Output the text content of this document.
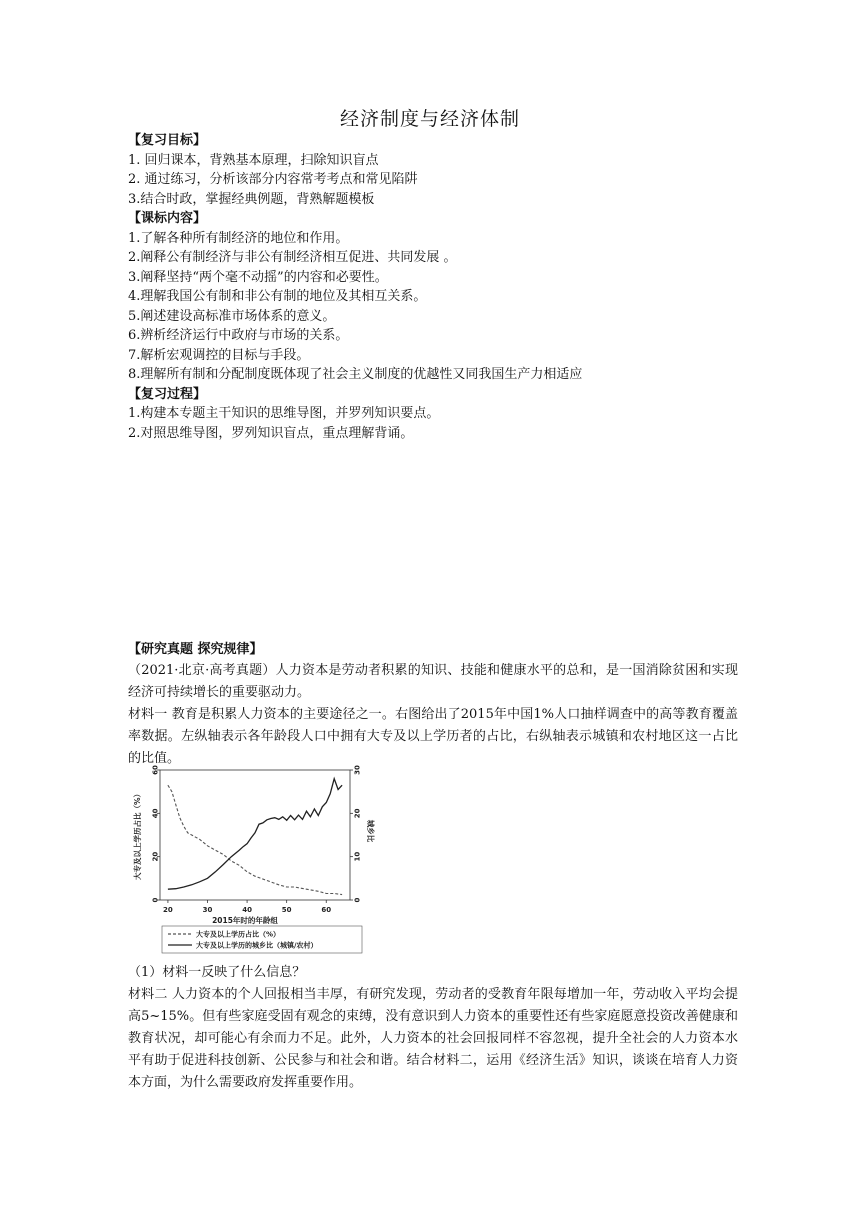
经济制度与经济体制
【复习目标】
1. 回归课本，背熟基本原理，扫除知识盲点
2. 通过练习，分析该部分内容常考考点和常见陷阱
3.结合时政，掌握经典例题，背熟解题模板
【课标内容】
1.了解各种所有制经济的地位和作用。
2.阐释公有制经济与非公有制经济相互促进、共同发展 。
3.阐释坚持“两个毫不动摇”的内容和必要性。
4.理解我国公有制和非公有制的地位及其相互关系。
5.阐述建设高标准市场体系的意义。
6.辨析经济运行中政府与市场的关系。
7.解析宏观调控的目标与手段。
8.理解所有制和分配制度既体现了社会主义制度的优越性又同我国生产力相适应
【复习过程】
1.构建本专题主干知识的思维导图，并罗列知识要点。
2.对照思维导图，罗列知识盲点，重点理解背诵。
【研究真题 探究规律】
（2021·北京·高考真题）人力资本是劳动者积累的知识、技能和健康水平的总和，是一国消除贫困和实现经济可持续增长的重要驱动力。
材料一 教育是积累人力资本的主要途径之一。右图给出了2015年中国1%人口抽样调查中的高等教育覆盖率数据。左纵轴表示各年龄段人口中拥有大专及以上学历者的占比，右纵轴表示城镇和农村地区这一占比的比值。
20	30	40	50	60
0
20
40
60
0
10
20
30
大专及以上学历占比（%）	城乡比
2015年时的年龄组
大专及以上学历占比（%）
大专及以上学历的城乡比（城镇/农村）
（1）材料一反映了什么信息？
材料二 人力资本的个人回报相当丰厚，有研究发现，劳动者的受教育年限每增加一年，劳动收入平均会提高5~15%。但有些家庭受固有观念的束缚，没有意识到人力资本的重要性还有些家庭愿意投资改善健康和教育状况，却可能心有余而力不足。此外，人力资本的社会回报同样不容忽视，提升全社会的人力资本水平有助于促进科技创新、公民参与和社会和谐。结合材料二，运用《经济生活》知识，谈谈在培育人力资本方面，为什么需要政府发挥重要作用。
